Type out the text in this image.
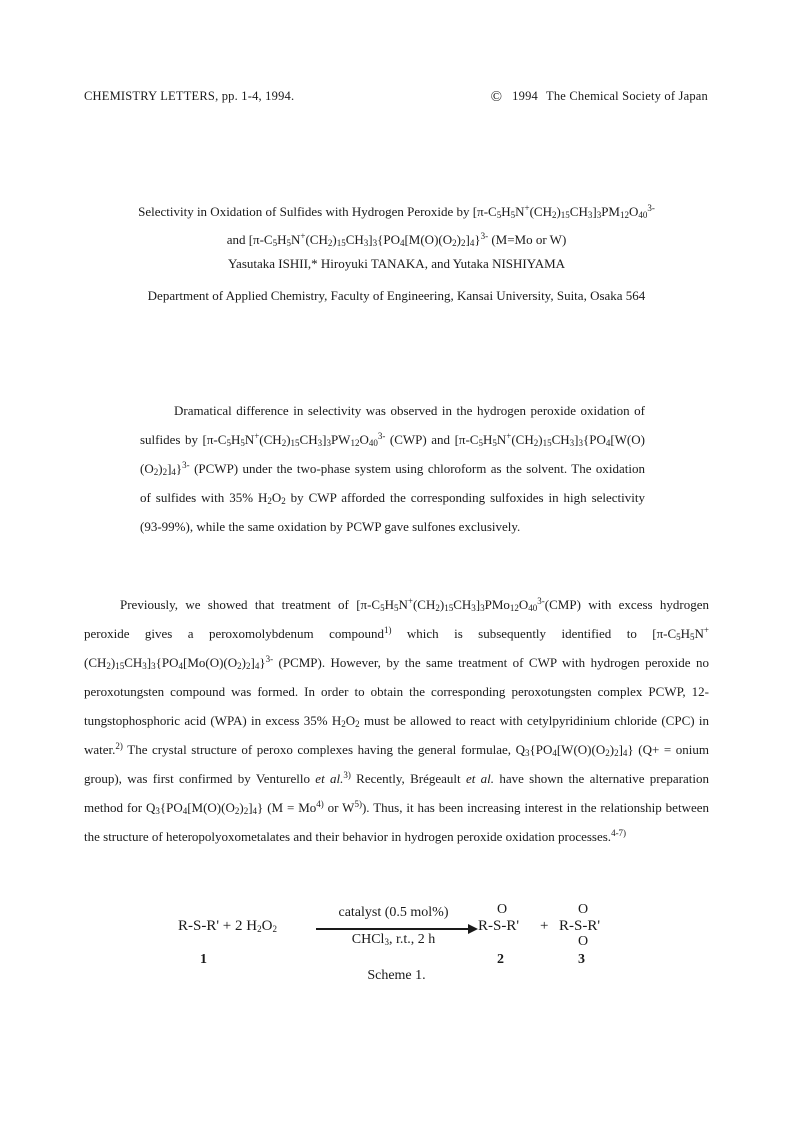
CHEMISTRY LETTERS, pp. 1-4, 1994.	© 1994 The Chemical Society of Japan
Selectivity in Oxidation of Sulfides with Hydrogen Peroxide by $[\pi-C_5H_5N^+(CH_2)_{15}CH_3]_3PM_{12}O_{40}^{3-}$
and $[\pi-C_5H_5N^+(CH_2)_{15}CH_3]_3\{PO_4[M(O)(O_2)_2]_4\}^{3-}$ (M=Mo or W)
Yasutaka ISHII,* Hiroyuki TANAKA, and Yutaka NISHIYAMA
Department of Applied Chemistry, Faculty of Engineering, Kansai University, Suita, Osaka 564

Dramatical difference in selectivity was observed in the hydrogen peroxide oxidation of sulfides by $[\pi-C_5H_5N^+(CH_2)_{15}CH_3]_3PW_{12}O_{40}^{3-}$ (CWP) and $[\pi-C_5H_5N^+(CH_2)_{15}CH_3]_3\{PO_4[W(O)(O_2)_2]_4\}^{3-}$ (PCWP) under the two-phase system using chloroform as the solvent. The oxidation of sulfides with 35% $H_2O_2$ by CWP afforded the corresponding sulfoxides in high selectivity (93-99%), while the same oxidation by PCWP gave sulfones exclusively.

Previously, we showed that treatment of $[\pi-C_5H_5N^+(CH_2)_{15}CH_3]_3PMo_{12}O_{40}^{3-}(CMP)$ with excess hydrogen peroxide gives a peroxomolybdenum compound$^{1)}$ which is subsequently identified to $[\pi-C_5H_5N^+(CH_2)_{15}CH_3]_3\{PO_4[Mo(O)(O_2)_2]_4\}^{3-}$ (PCMP). However, by the same treatment of CWP with hydrogen peroxide no peroxotungsten compound was formed. In order to obtain the corresponding peroxotungsten complex PCWP, 12-tungstophosphoric acid (WPA) in excess 35% $H_2O_2$ must be allowed to react with cetylpyridinium chloride (CPC) in water.$^{2)}$ The crystal structure of peroxo complexes having the general formulae, $Q_3\{PO_4[W(O)(O_2)_2]_4\} (Q+$ = onium group), was first confirmed by Venturello et al.$^{3)}$ Recently, Brégeault et al. have shown the alternative preparation method for $Q_3\{PO_4[M(O)(O_2)_2]_4\} (M = Mo^{4)}$ or $W^{5)}$). Thus, it has been increasing interest in the relationship between the structure of heteropolyoxometalates and their behavior in hydrogen peroxide oxidation processes.$^{4-7)}$

R-S-R' + 2 $H_2O_2$
catalyst (0.5 mol%)
CHCl$_3$, r.t., 2 h
O
R-S-R' +
O
R-S-R'
O
1	2	3
Scheme 1.
